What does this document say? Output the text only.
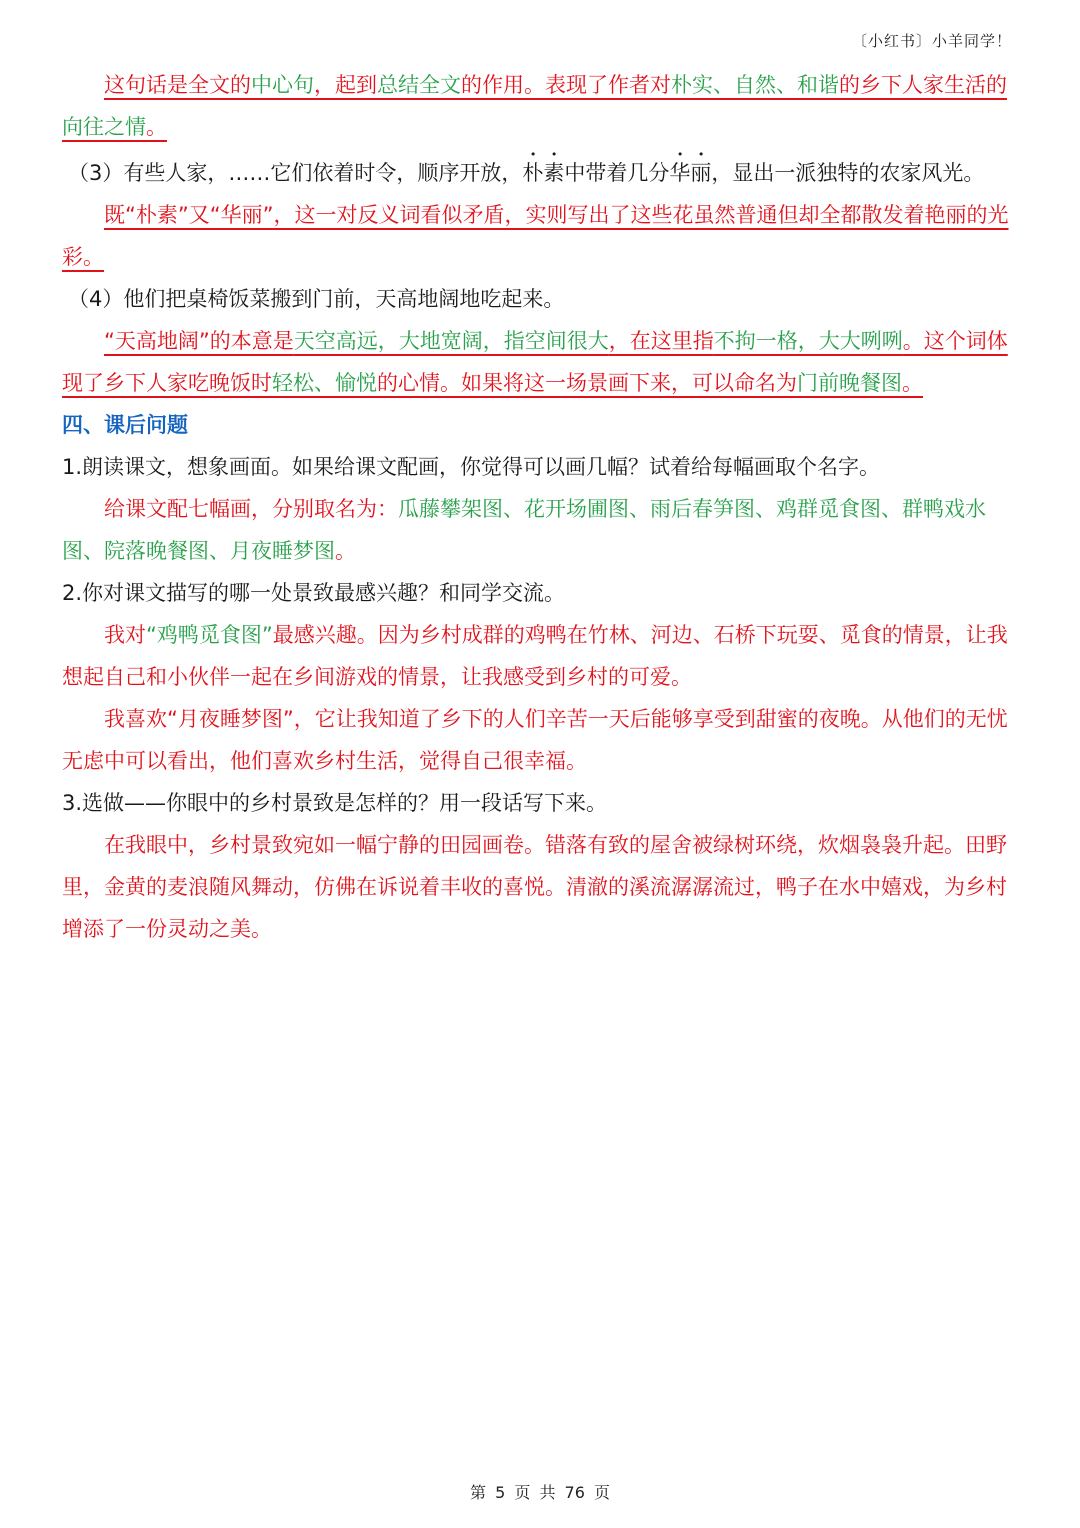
〔小红书〕小羊同学！

这句话是全文的中心句，起到总结全文的作用。表现了作者对朴实、自然、和谐的乡下人家生活的向往之情。

（3）有些人家，……它们依着时令，顺序开放，朴素中带着几分华丽，显出一派独特的农家风光。

既“朴素”又“华丽”，这一对反义词看似矛盾，实则写出了这些花虽然普通但却全都散发着艳丽的光彩。

（4）他们把桌椅饭菜搬到门前，天高地阔地吃起来。

“天高地阔”的本意是天空高远，大地宽阔，指空间很大，在这里指不拘一格，大大咧咧。这个词体现了乡下人家吃晚饭时轻松、愉悦的心情。如果将这一场景画下来，可以命名为门前晚餐图。

四、课后问题

1.朗读课文，想象画面。如果给课文配画，你觉得可以画几幅？试着给每幅画取个名字。

给课文配七幅画，分别取名为：瓜藤攀架图、花开场圃图、雨后春笋图、鸡群觅食图、群鸭戏水图、院落晚餐图、月夜睡梦图。

2.你对课文描写的哪一处景致最感兴趣？和同学交流。

我对“鸡鸭觅食图”最感兴趣。因为乡村成群的鸡鸭在竹林、河边、石桥下玩耍、觅食的情景，让我想起自己和小伙伴一起在乡间游戏的情景，让我感受到乡村的可爱。

我喜欢“月夜睡梦图”，它让我知道了乡下的人们辛苦一天后能够享受到甜蜜的夜晚。从他们的无忧无虑中可以看出，他们喜欢乡村生活，觉得自己很幸福。

3.选做——你眼中的乡村景致是怎样的？用一段话写下来。

在我眼中，乡村景致宛如一幅宁静的田园画卷。错落有致的屋舍被绿树环绕，炊烟袅袅升起。田野里，金黄的麦浪随风舞动，仿佛在诉说着丰收的喜悦。清澈的溪流潺潺流过，鸭子在水中嬉戏，为乡村增添了一份灵动之美。

第 5 页 共 76 页
